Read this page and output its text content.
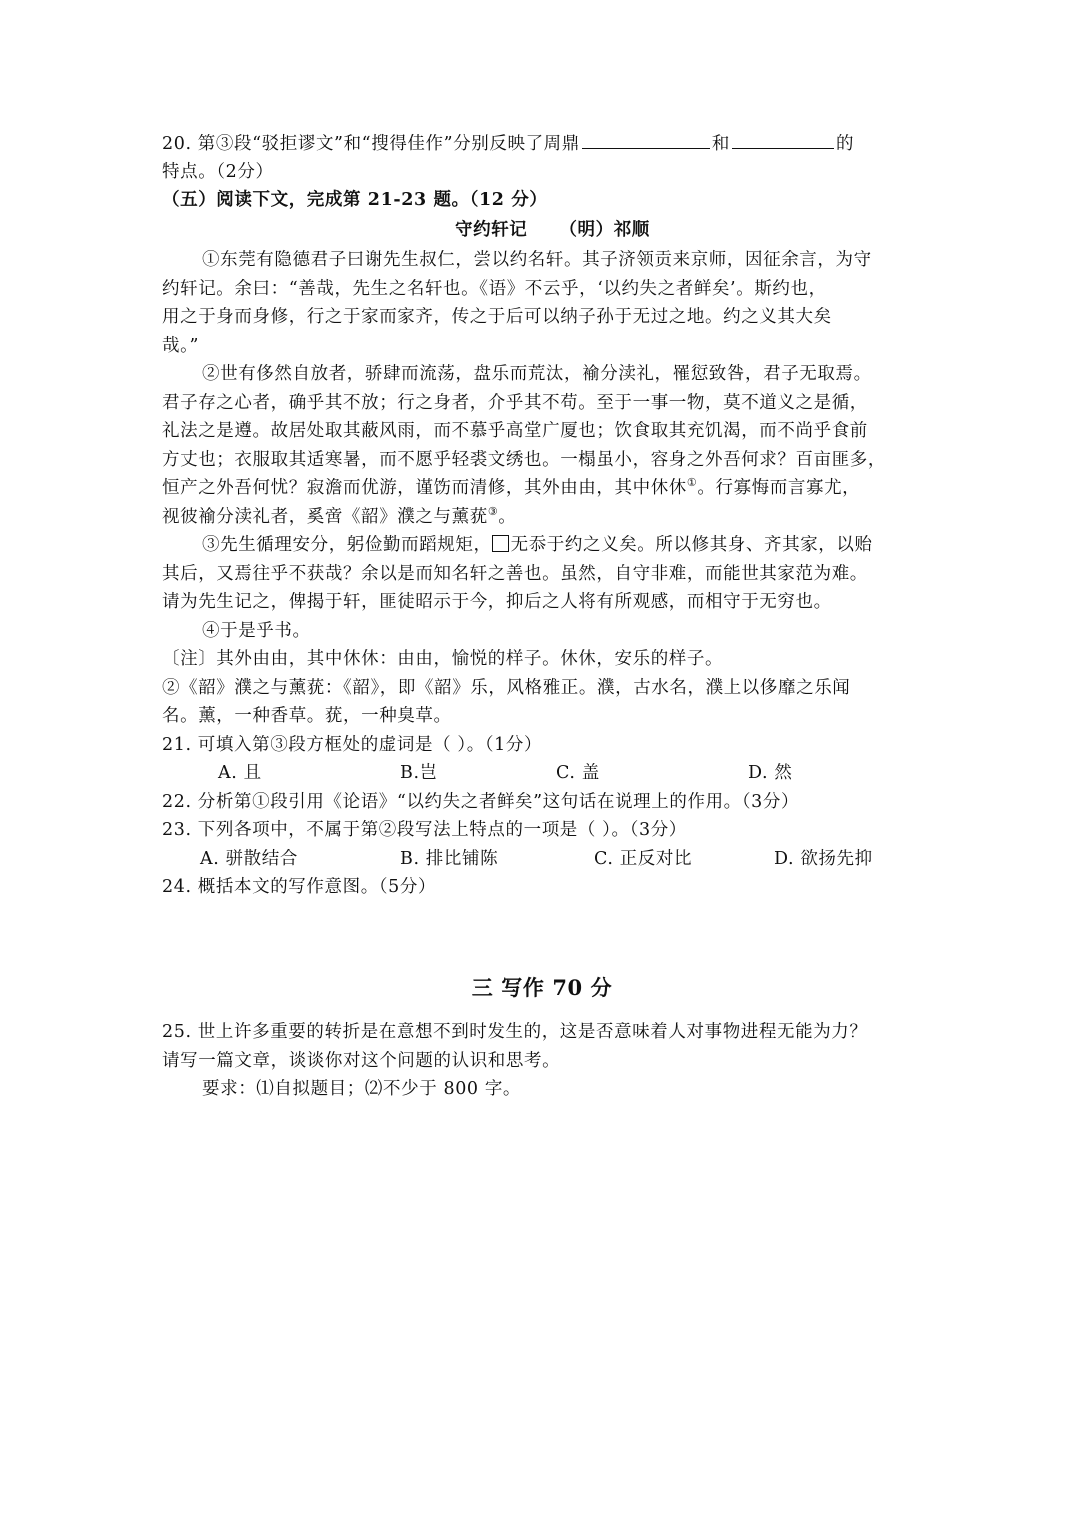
20. 第③段“驳拒谬文”和“搜得佳作”分别反映了周鼎	和	的
特点。（2分）
（五）阅读下文，完成第 21-23 题。（12 分）
守约轩记 （明）祁顺
①东莞有隐德君子曰谢先生叔仁，尝以约名轩。其子济领贡来京师，因征余言，为守
约轩记。余曰：“善哉，先生之名轩也。《语》不云乎，‘以约失之者鲜矣’。斯约也，
用之于身而身修，行之于家而家齐，传之于后可以纳子孙于无过之地。约之义其大矣
哉。”
②世有侈然自放者，骄肆而流荡，盘乐而荒汰，褕分渎礼，罹愆致咎，君子无取焉。
君子存之心者，确乎其不放；行之身者，介乎其不苟。至于一事一物，莫不道义之是循，
礼法之是遵。故居处取其蔽风雨，而不慕乎高堂广厦也；饮食取其充饥渴，而不尚乎食前
方丈也；衣服取其适寒暑，而不愿乎轻裘文绣也。一榻虽小，容身之外吾何求？百亩匪多，
恒产之外吾何忧？寂澹而优游，谨饬而清修，其外由由，其中休休①。行寡悔而言寡尤，
视彼褕分渎礼者，奚啻《韶》濮之与薰莸③。
③先生循理安分，躬俭勤而蹈规矩， 无忝于约之义矣。所以修其身、齐其家，以贻
其后，又焉往乎不获哉？余以是而知名轩之善也。虽然，自守非难，而能世其家范为难。
请为先生记之，俾揭于轩，匪徒昭示于今，抑后之人将有所观感，而相守于无穷也。
④于是乎书。
〔注〕其外由由，其中休休：由由，愉悦的样子。休休，安乐的样子。
②《韶》濮之与薰莸：《韶》，即《韶》乐，风格雅正。濮，古水名，濮上以侈靡之乐闻
名。薰，一种香草。莸，一种臭草。
21. 可填入第③段方框处的虚词是（ ）。（1分）
A. 且	B.岂	C. 盖	D. 然
22. 分析第①段引用《论语》“以约失之者鲜矣”这句话在说理上的作用。（3分）
23. 下列各项中，不属于第②段写法上特点的一项是（ ）。（3分）
A. 骈散结合	B. 排比铺陈	C. 正反对比	D. 欲扬先抑
24. 概括本文的写作意图。（5分）
三 写作 70 分
25. 世上许多重要的转折是在意想不到时发生的，这是否意味着人对事物进程无能为力？
请写一篇文章，谈谈你对这个问题的认识和思考。
要求：⑴自拟题目；⑵不少于 800 字。
